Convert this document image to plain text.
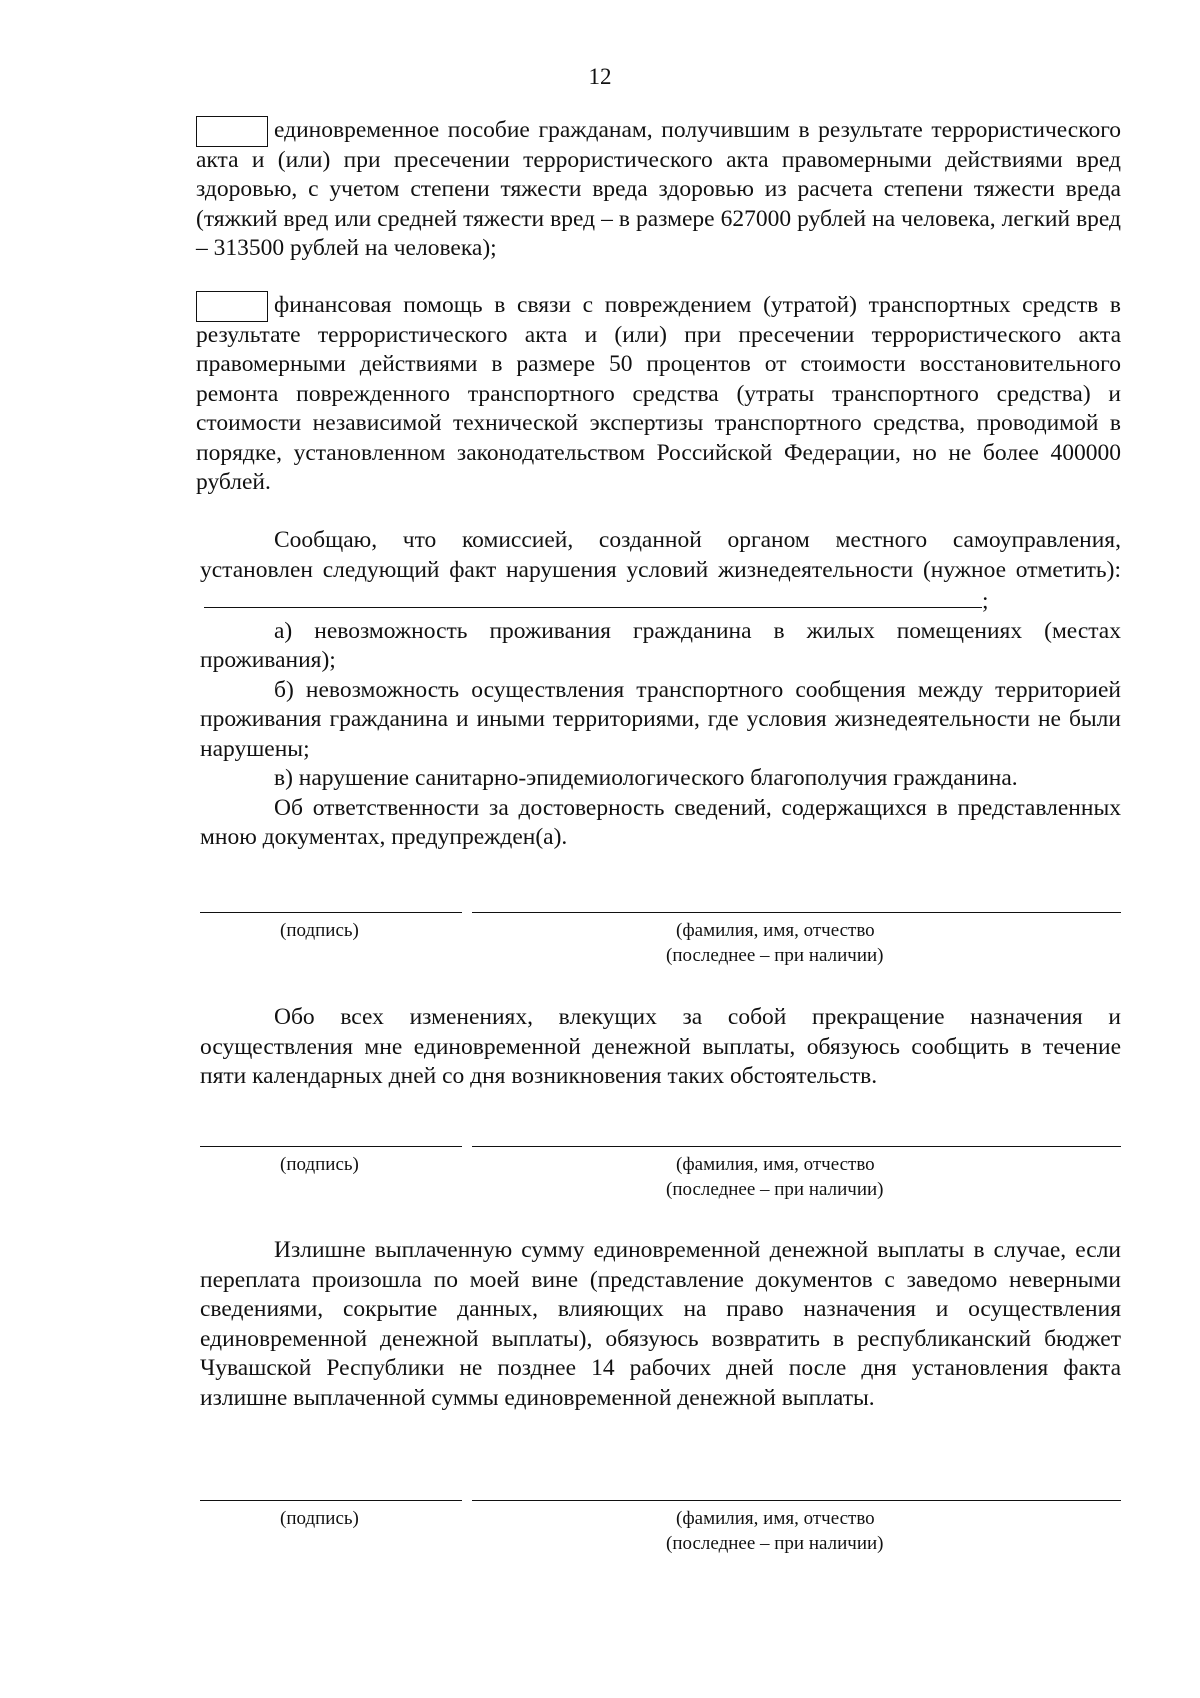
12

единовременное пособие гражданам, получившим в результате террористического акта и (или) при пресечении террористического акта правомерными действиями вред здоровью, с учетом степени тяжести вреда здоровью из расчета степени тяжести вреда (тяжкий вред или средней тяжести вред – в размере 627000 рублей на человека, легкий вред – 313500 рублей на человека);

финансовая помощь в связи с повреждением (утратой) транспортных средств в результате террористического акта и (или) при пресечении террористического акта правомерными действиями в размере 50 процентов от стоимости восстановительного ремонта поврежденного транспортного средства (утраты транспортного средства) и стоимости независимой технической экспертизы транспортного средства, проводимой в порядке, установленном законодательством Российской Федерации, но не более 400000 рублей.

Сообщаю, что комиссией, созданной органом местного самоуправления, установлен следующий факт нарушения условий жизнедеятельности (нужное отметить):;

а) невозможность проживания гражданина в жилых помещениях (местах проживания);

б) невозможность осуществления транспортного сообщения между территорией проживания гражданина и иными территориями, где условия жизнедеятельности не были нарушены;

в) нарушение санитарно-эпидемиологического благополучия гражданина.

Об ответственности за достоверность сведений, содержащихся в представленных мною документах, предупрежден(а).

(подпись)	(фамилия, имя, отчество
(последнее – при наличии)

Обо всех изменениях, влекущих за собой прекращение назначения и осуществления мне единовременной денежной выплаты, обязуюсь сообщить в течение пяти календарных дней со дня возникновения таких обстоятельств.

(подпись)	(фамилия, имя, отчество
(последнее – при наличии)

Излишне выплаченную сумму единовременной денежной выплаты в случае, если переплата произошла по моей вине (представление документов с заведомо неверными сведениями, сокрытие данных, влияющих на право назначения и осуществления единовременной денежной выплаты), обязуюсь возвратить в республиканский бюджет Чувашской Республики не позднее 14 рабочих дней после дня установления факта излишне выплаченной суммы единовременной денежной выплаты.

(подпись)	(фамилия, имя, отчество
(последнее – при наличии)
